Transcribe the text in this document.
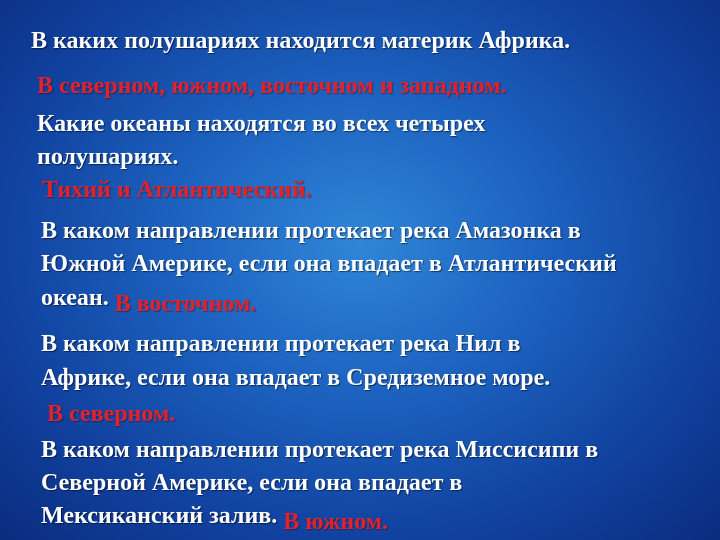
В каких полушариях находится материк Африка.
В северном, южном, восточном и западном.
Какие океаны находятся во всех четырех
полушариях.
Тихий и Атлантический.
В каком направлении протекает река Амазонка в
Южной Америке, если она впадает в Атлантический
океан. В восточном.
В каком направлении протекает река Нил в
Африке, если она впадает в Средиземное море.
В северном.
В каком направлении протекает река Миссисипи в
Северной Америке, если она впадает в
Мексиканский залив. В южном.
